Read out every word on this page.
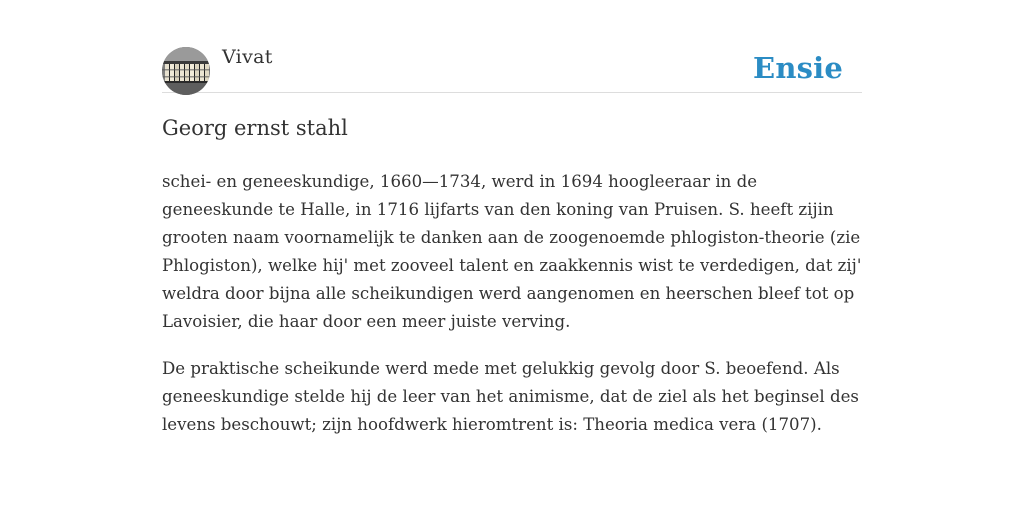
Vivat	Ensie
Georg ernst stahl

schei- en geneeskundige, 1660—1734, werd in 1694 hoogleeraar in de geneeskunde te Halle, in 1716 lijfarts van den koning van Pruisen. S. heeft zijin grooten naam voornamelijk te danken aan de zoogenoemde phlogiston-theorie (zie Phlogiston), welke hij' met zooveel talent en zaakkennis wist te verdedigen, dat zij' weldra door bijna alle scheikundigen werd aangenomen en heerschen bleef tot op Lavoisier, die haar door een meer juiste verving.

De praktische scheikunde werd mede met gelukkig gevolg door S. beoefend. Als geneeskundige stelde hij de leer van het animisme, dat de ziel als het beginsel des levens beschouwt; zijn hoofdwerk hieromtrent is: Theoria medica vera (1707).
